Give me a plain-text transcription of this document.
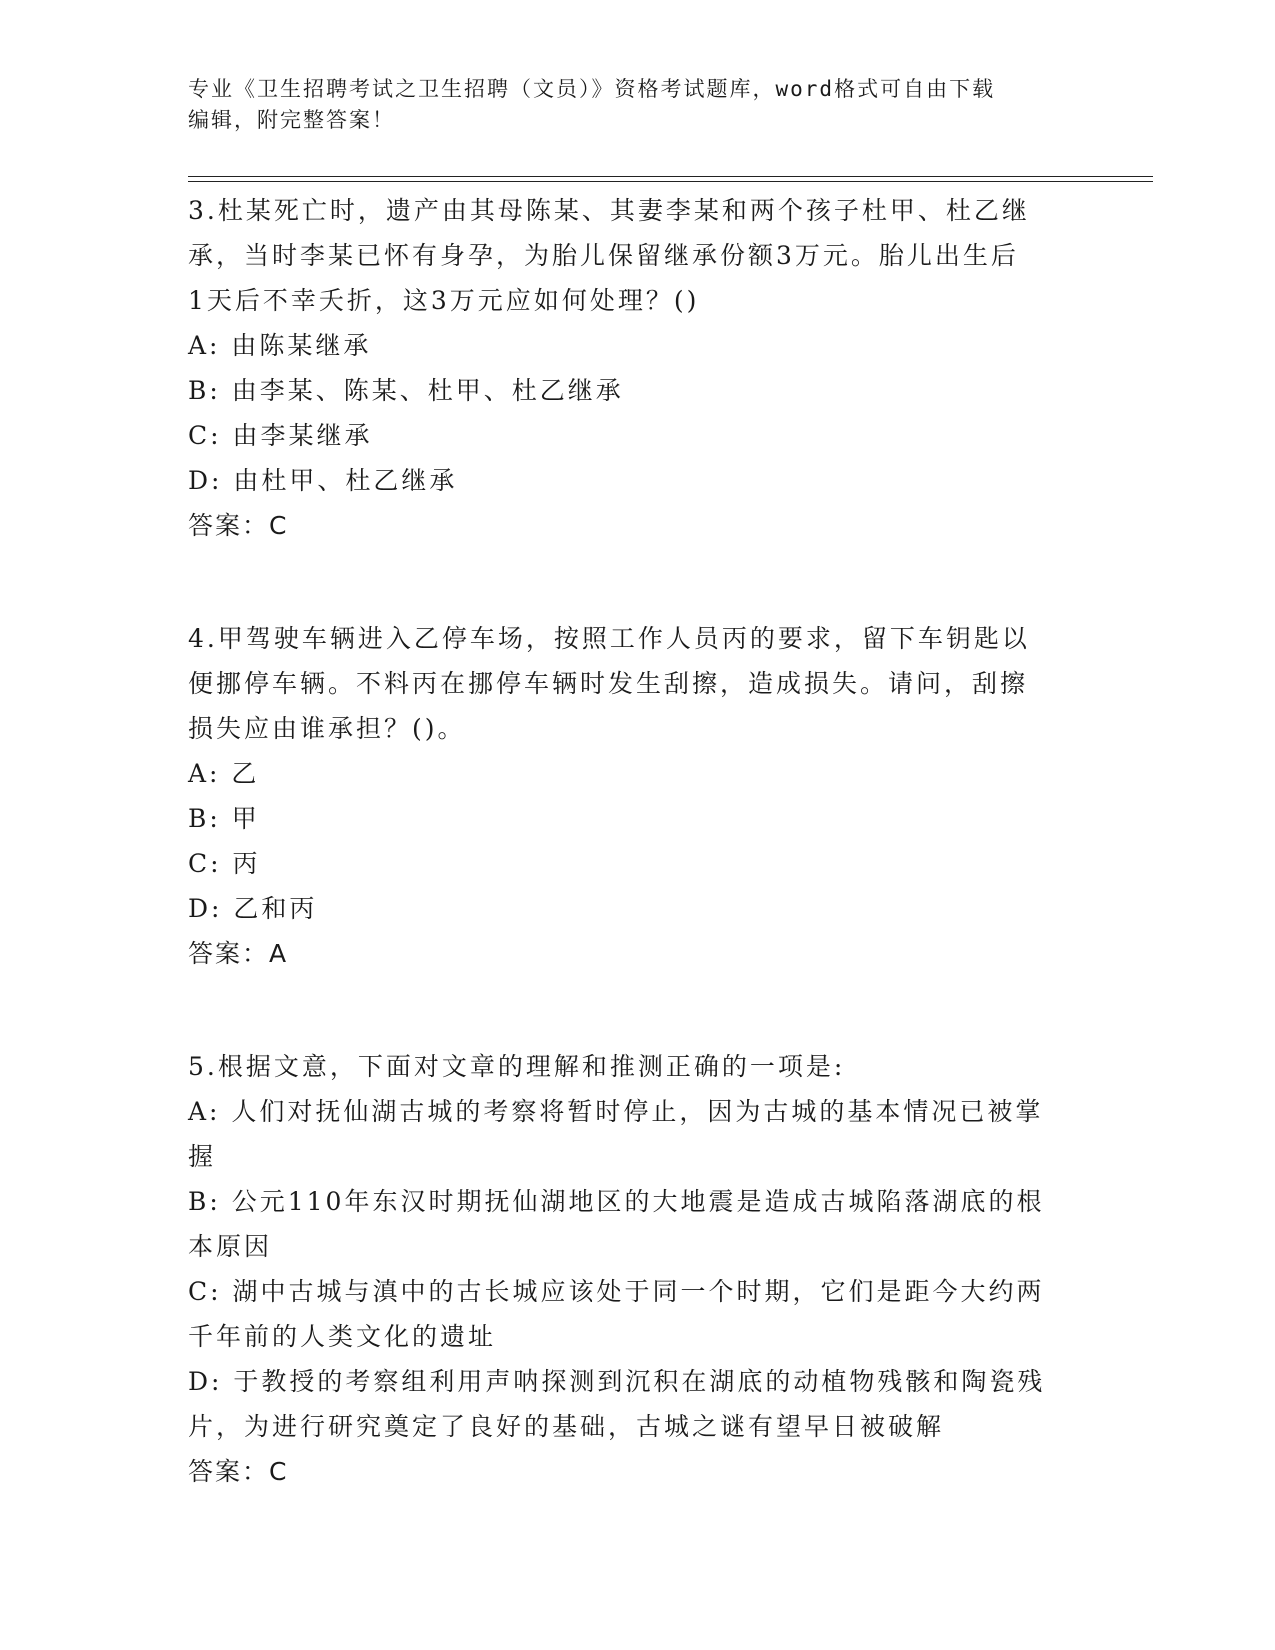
专业《卫生招聘考试之卫生招聘（文员）》资格考试题库，word格式可自由下载
编辑，附完整答案！
3.杜某死亡时，遗产由其母陈某、其妻李某和两个孩子杜甲、杜乙继
承，当时李某已怀有身孕，为胎儿保留继承份额3万元。胎儿出生后
1天后不幸夭折，这3万元应如何处理？()
A: 由陈某继承
B: 由李某、陈某、杜甲、杜乙继承
C: 由李某继承
D: 由杜甲、杜乙继承
答案：C
4.甲驾驶车辆进入乙停车场，按照工作人员丙的要求，留下车钥匙以
便挪停车辆。不料丙在挪停车辆时发生刮擦，造成损失。请问，刮擦
损失应由谁承担？()。
A: 乙
B: 甲
C: 丙
D: 乙和丙
答案：A
5.根据文意，下面对文章的理解和推测正确的一项是:
A: 人们对抚仙湖古城的考察将暂时停止，因为古城的基本情况已被掌
握
B: 公元110年东汉时期抚仙湖地区的大地震是造成古城陷落湖底的根
本原因
C: 湖中古城与滇中的古长城应该处于同一个时期，它们是距今大约两
千年前的人类文化的遗址
D: 于教授的考察组利用声呐探测到沉积在湖底的动植物残骸和陶瓷残
片，为进行研究奠定了良好的基础，古城之谜有望早日被破解
答案：C
